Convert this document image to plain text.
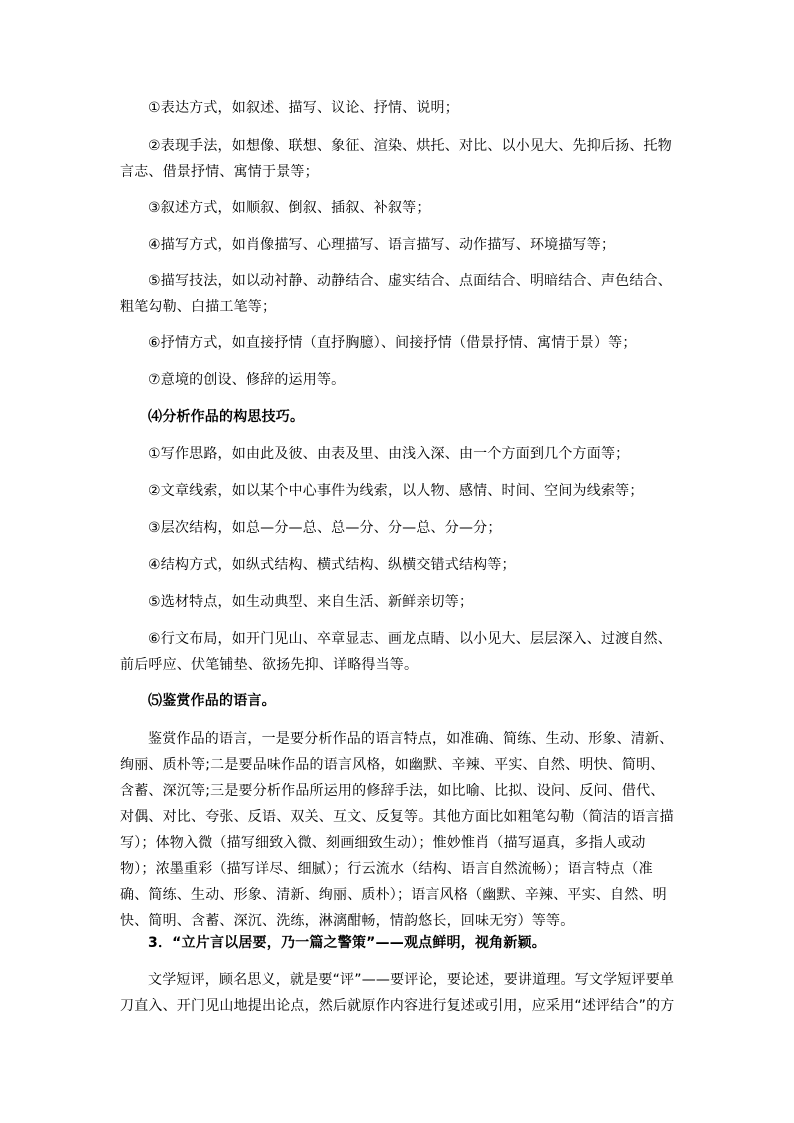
①表达方式，如叙述、描写、议论、抒情、说明；

②表现手法，如想像、联想、象征、渲染、烘托、对比、以小见大、先抑后扬、托物言志、借景抒情、寓情于景等；

③叙述方式，如顺叙、倒叙、插叙、补叙等；

④描写方式，如肖像描写、心理描写、语言描写、动作描写、环境描写等；

⑤描写技法，如以动衬静、动静结合、虚实结合、点面结合、明暗结合、声色结合、粗笔勾勒、白描工笔等；

⑥抒情方式，如直接抒情（直抒胸臆）、间接抒情（借景抒情、寓情于景）等；

⑦意境的创设、修辞的运用等。

⑷分析作品的构思技巧。

①写作思路，如由此及彼、由表及里、由浅入深、由一个方面到几个方面等；

②文章线索，如以某个中心事件为线索，以人物、感情、时间、空间为线索等；

③层次结构，如总—分—总、总—分、分—总、分—分；

④结构方式，如纵式结构、横式结构、纵横交错式结构等；

⑤选材特点，如生动典型、来自生活、新鲜亲切等；

⑥行文布局，如开门见山、卒章显志、画龙点睛、以小见大、层层深入、过渡自然、前后呼应、伏笔铺垫、欲扬先抑、详略得当等。

⑸鉴赏作品的语言。

鉴赏作品的语言，一是要分析作品的语言特点，如准确、简练、生动、形象、清新、绚丽、质朴等;二是要品味作品的语言风格，如幽默、辛辣、平实、自然、明快、简明、含蓄、深沉等;三是要分析作品所运用的修辞手法，如比喻、比拟、设问、反问、借代、对偶、对比、夸张、反语、双关、互文、反复等。其他方面比如粗笔勾勒（简洁的语言描写）；体物入微（描写细致入微、刻画细致生动）；惟妙惟肖（描写逼真，多指人或动物）；浓墨重彩（描写详尽、细腻）；行云流水（结构、语言自然流畅）；语言特点（准确、简练、生动、形象、清新、绚丽、质朴）；语言风格（幽默、辛辣、平实、自然、明快、简明、含蓄、深沉、洗练，淋漓酣畅，情韵悠长，回味无穷）等等。

3．“立片言以居要，乃一篇之警策”——观点鲜明，视角新颖。

文学短评，顾名思义，就是要“评”——要评论，要论述，要讲道理。写文学短评要单刀直入、开门见山地提出论点，然后就原作内容进行复述或引用，应采用“述评结合”的方
